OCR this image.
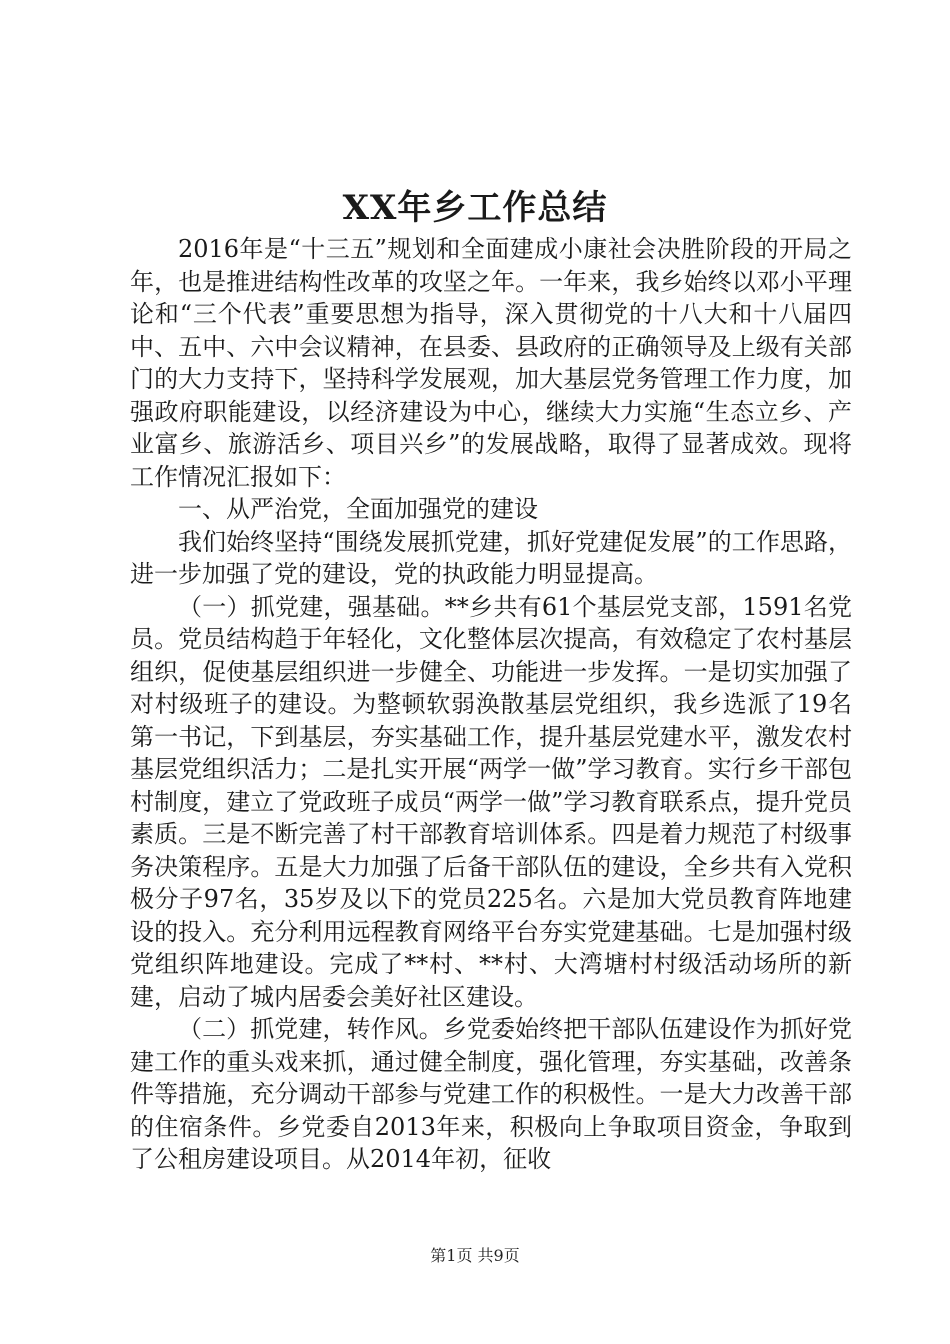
XX年乡工作总结

2016年是“十三五”规划和全面建成小康社会决胜阶段的开局之年，也是推进结构性改革的攻坚之年。一年来，我乡始终以邓小平理论和“三个代表”重要思想为指导，深入贯彻党的十八大和十八届四中、五中、六中会议精神，在县委、县政府的正确领导及上级有关部门的大力支持下，坚持科学发展观，加大基层党务管理工作力度，加强政府职能建设，以经济建设为中心，继续大力实施“生态立乡、产业富乡、旅游活乡、项目兴乡”的发展战略，取得了显著成效。现将工作情况汇报如下：

一、从严治党，全面加强党的建设

我们始终坚持“围绕发展抓党建，抓好党建促发展”的工作思路，进一步加强了党的建设，党的执政能力明显提高。

（一）抓党建，强基础。**乡共有61个基层党支部，1591名党员。党员结构趋于年轻化，文化整体层次提高，有效稳定了农村基层组织，促使基层组织进一步健全、功能进一步发挥。一是切实加强了对村级班子的建设。为整顿软弱涣散基层党组织，我乡选派了19名第一书记，下到基层，夯实基础工作，提升基层党建水平，激发农村基层党组织活力；二是扎实开展“两学一做”学习教育。实行乡干部包村制度，建立了党政班子成员“两学一做”学习教育联系点，提升党员素质。三是不断完善了村干部教育培训体系。四是着力规范了村级事务决策程序。五是大力加强了后备干部队伍的建设，全乡共有入党积极分子97名，35岁及以下的党员225名。六是加大党员教育阵地建设的投入。充分利用远程教育网络平台夯实党建基础。七是加强村级党组织阵地建设。完成了**村、**村、大湾塘村村级活动场所的新建，启动了城内居委会美好社区建设。

（二）抓党建，转作风。乡党委始终把干部队伍建设作为抓好党建工作的重头戏来抓，通过健全制度，强化管理，夯实基础，改善条件等措施，充分调动干部参与党建工作的积极性。一是大力改善干部的住宿条件。乡党委自2013年来，积极向上争取项目资金，争取到了公租房建设项目。从2014年初，征收

第1页 共9页
